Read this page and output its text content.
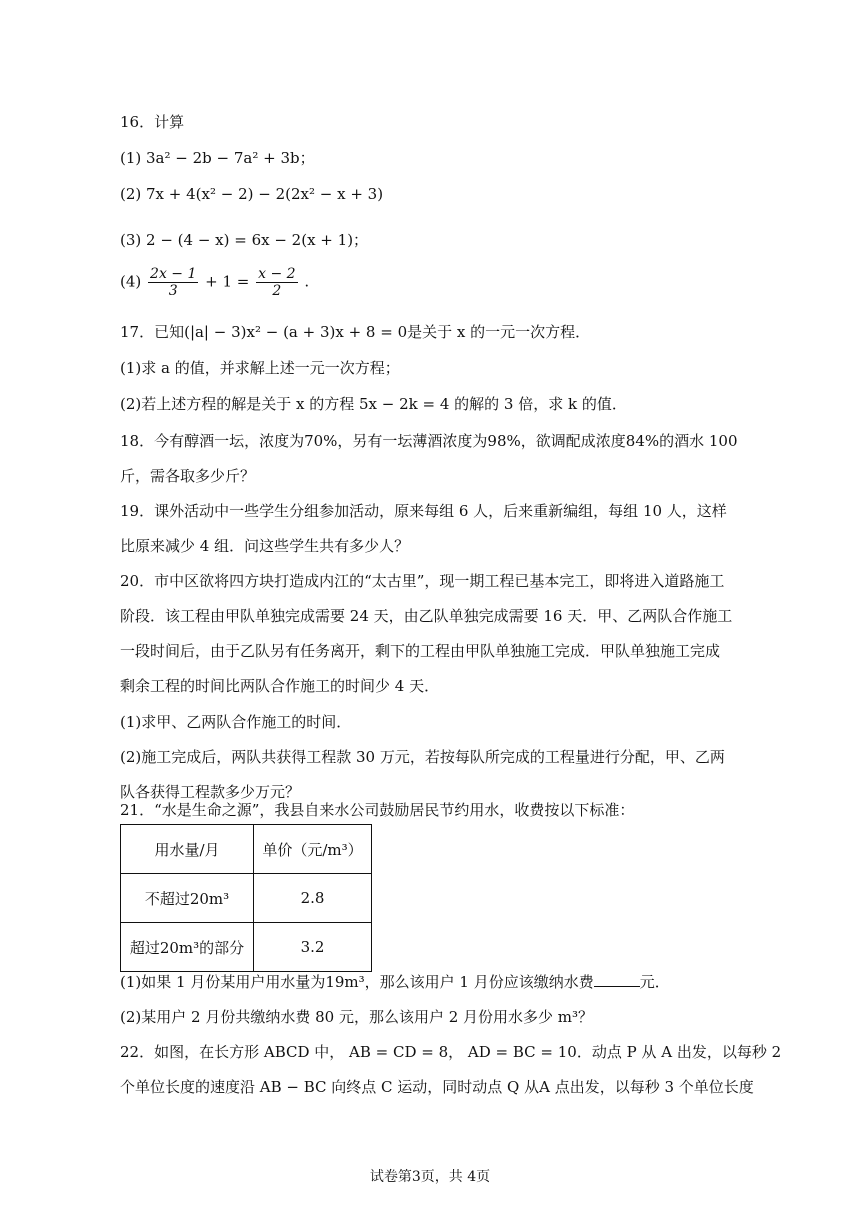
16．计算
(1) 3a² − 2b − 7a² + 3b；
(2) 7x + 4(x² − 2) − 2(2x² − x + 3)
(3) 2 − (4 − x) = 6x − 2(x + 1)；
$(4) \frac{2x - 1}{3} + 1 = \frac{x - 2}{2}$ .
17．已知(|a| − 3)x² − (a + 3)x + 8 = 0是关于 x 的一元一次方程．
(1)求 a 的值，并求解上述一元一次方程；
(2)若上述方程的解是关于 x 的方程 5x − 2k = 4 的解的 3 倍，求 k 的值．
18．今有醇酒一坛，浓度为70%，另有一坛薄酒浓度为98%，欲调配成浓度84%的酒水 100
斤，需各取多少斤？
19．课外活动中一些学生分组参加活动，原来每组 6 人，后来重新编组，每组 10 人，这样
比原来减少 4 组．问这些学生共有多少人？
20．市中区欲将四方块打造成内江的“太古里”，现一期工程已基本完工，即将进入道路施工
阶段．该工程由甲队单独完成需要 24 天，由乙队单独完成需要 16 天．甲、乙两队合作施工
一段时间后，由于乙队另有任务离开，剩下的工程由甲队单独施工完成．甲队单独施工完成
剩余工程的时间比两队合作施工的时间少 4 天．
(1)求甲、乙两队合作施工的时间．
(2)施工完成后，两队共获得工程款 30 万元，若按每队所完成的工程量进行分配，甲、乙两
队各获得工程款多少万元？
21．“水是生命之源”，我县自来水公司鼓励居民节约用水，收费按以下标准：
用水量/月	单价（元/m³）
不超过20m³	2.8
超过20m³的部分	3.2
(1)如果 1 月份某用户用水量为19m³，那么该用户 1 月份应该缴纳水费	元．
(2)某用户 2 月份共缴纳水费 80 元，那么该用户 2 月份用水多少 m³？
22．如图，在长方形 ABCD 中， AB = CD = 8， AD = BC = 10．动点 P 从 A 出发，以每秒 2
个单位长度的速度沿 AB − BC 向终点 C 运动，同时动点 Q 从A 点出发，以每秒 3 个单位长度
试卷第3页，共 4页
